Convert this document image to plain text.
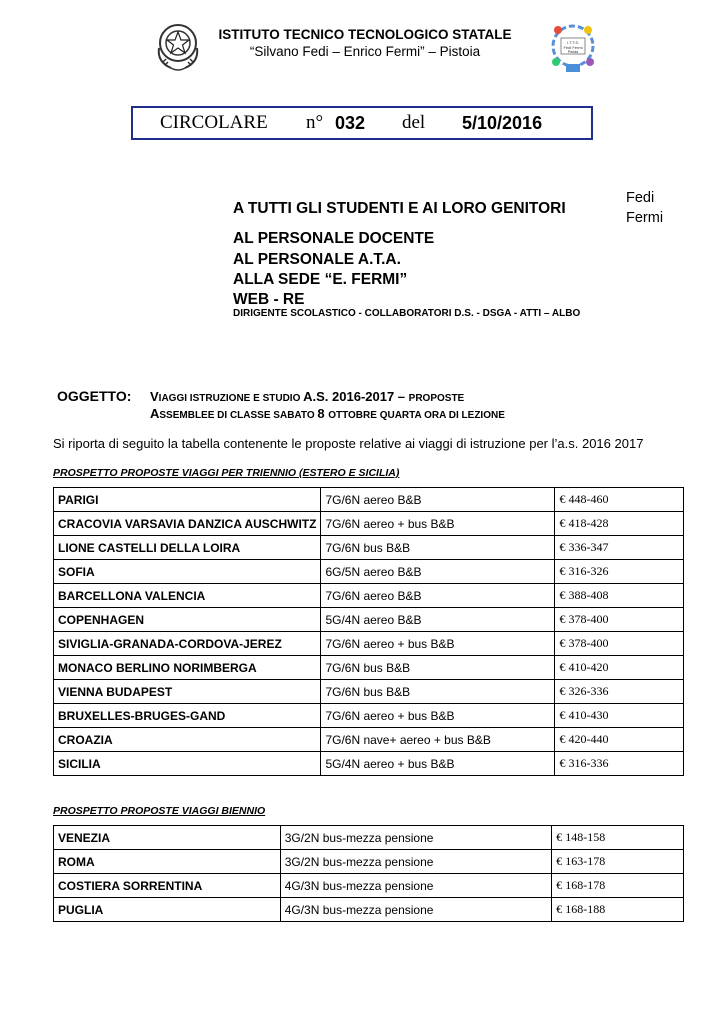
ISTITUTO TECNICO TECNOLOGICO STATALE
“Silvano Fedi – Enrico Fermi” – Pistoia
I.T.T.S.
Fedi Fermi
Pistoia
CIRCOLARE n° 032 del 5/10/2016
A TUTTI GLI STUDENTI E AI LORO GENITORI
AL PERSONALE DOCENTE
AL PERSONALE A.T.A.
ALLA SEDE “E. FERMI”
WEB - RE
DIRIGENTE SCOLASTICO - COLLABORATORI D.S. - DSGA - ATTI – ALBO
Fedi
Fermi
OGGETTO: VIAGGI ISTRUZIONE E STUDIO A.S. 2016-2017 – PROPOSTE
ASSEMBLEE DI CLASSE SABATO 8 OTTOBRE QUARTA ORA DI LEZIONE
Si riporta di seguito la tabella contenente le proposte relative ai viaggi di istruzione per l’a.s. 2016 2017
PROSPETTO PROPOSTE VIAGGI PER TRIENNIO (ESTERO E SICILIA)
PARIGI	7G/6N aereo B&B	€ 448-460
CRACOVIA VARSAVIA DANZICA AUSCHWITZ	7G/6N aereo + bus B&B	€ 418-428
LIONE CASTELLI DELLA LOIRA	7G/6N bus B&B	€ 336-347
SOFIA	6G/5N aereo B&B	€ 316-326
BARCELLONA VALENCIA	7G/6N aereo B&B	€ 388-408
COPENHAGEN	5G/4N aereo B&B	€ 378-400
SIVIGLIA-GRANADA-CORDOVA-JEREZ	7G/6N aereo + bus B&B	€ 378-400
MONACO BERLINO NORIMBERGA	7G/6N bus B&B	€ 410-420
VIENNA BUDAPEST	7G/6N bus B&B	€ 326-336
BRUXELLES-BRUGES-GAND	7G/6N aereo + bus B&B	€ 410-430
CROAZIA	7G/6N nave+ aereo + bus B&B	€ 420-440
SICILIA	5G/4N aereo + bus B&B	€ 316-336
PROSPETTO PROPOSTE VIAGGI BIENNIO
VENEZIA	3G/2N bus-mezza pensione	€ 148-158
ROMA	3G/2N bus-mezza pensione	€ 163-178
COSTIERA SORRENTINA	4G/3N bus-mezza pensione	€ 168-178
PUGLIA	4G/3N bus-mezza pensione	€ 168-188
